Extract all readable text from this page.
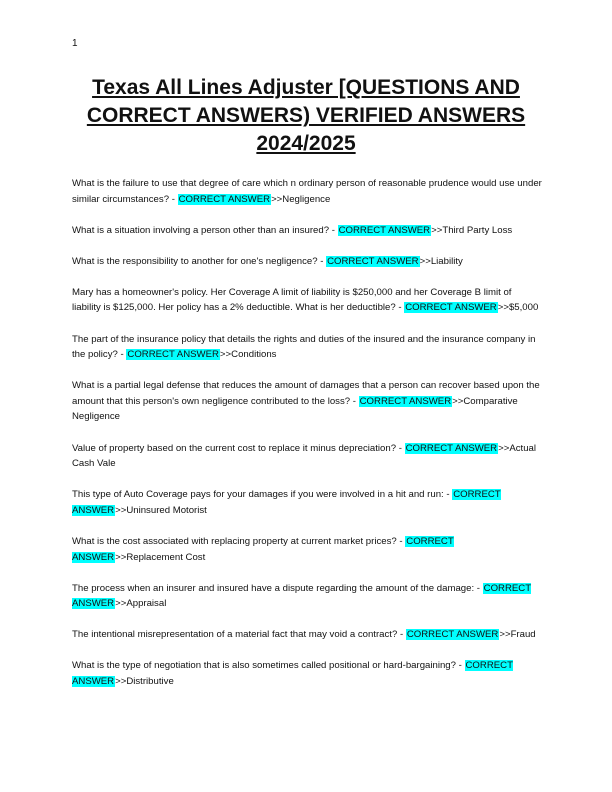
1
Texas All Lines Adjuster [QUESTIONS AND CORRECT ANSWERS) VERIFIED ANSWERS 2024/2025

What is the failure to use that degree of care which n ordinary person of reasonable prudence would use under similar circumstances? - CORRECT ANSWER>>Negligence

What is a situation involving a person other than an insured? - CORRECT ANSWER>>Third Party Loss

What is the responsibility to another for one's negligence? - CORRECT ANSWER>>Liability

Mary has a homeowner's policy. Her Coverage A limit of liability is $250,000 and her Coverage B limit of liability is $125,000. Her policy has a 2% deductible. What is her deductible? - CORRECT ANSWER>>$5,000

The part of the insurance policy that details the rights and duties of the insured and the insurance company in the policy? - CORRECT ANSWER>>Conditions

What is a partial legal defense that reduces the amount of damages that a person can recover based upon the amount that this person's own negligence contributed to the loss? - CORRECT ANSWER>>Comparative Negligence

Value of property based on the current cost to replace it minus depreciation? - CORRECT ANSWER>>Actual Cash Vale

This type of Auto Coverage pays for your damages if you were involved in a hit and run: - CORRECT ANSWER>>Uninsured Motorist

What is the cost associated with replacing property at current market prices? - CORRECT ANSWER>>Replacement Cost

The process when an insurer and insured have a dispute regarding the amount of the damage: - CORRECT ANSWER>>Appraisal

The intentional misrepresentation of a material fact that may void a contract? - CORRECT ANSWER>>Fraud

What is the type of negotiation that is also sometimes called positional or hard-bargaining? - CORRECT ANSWER>>Distributive
